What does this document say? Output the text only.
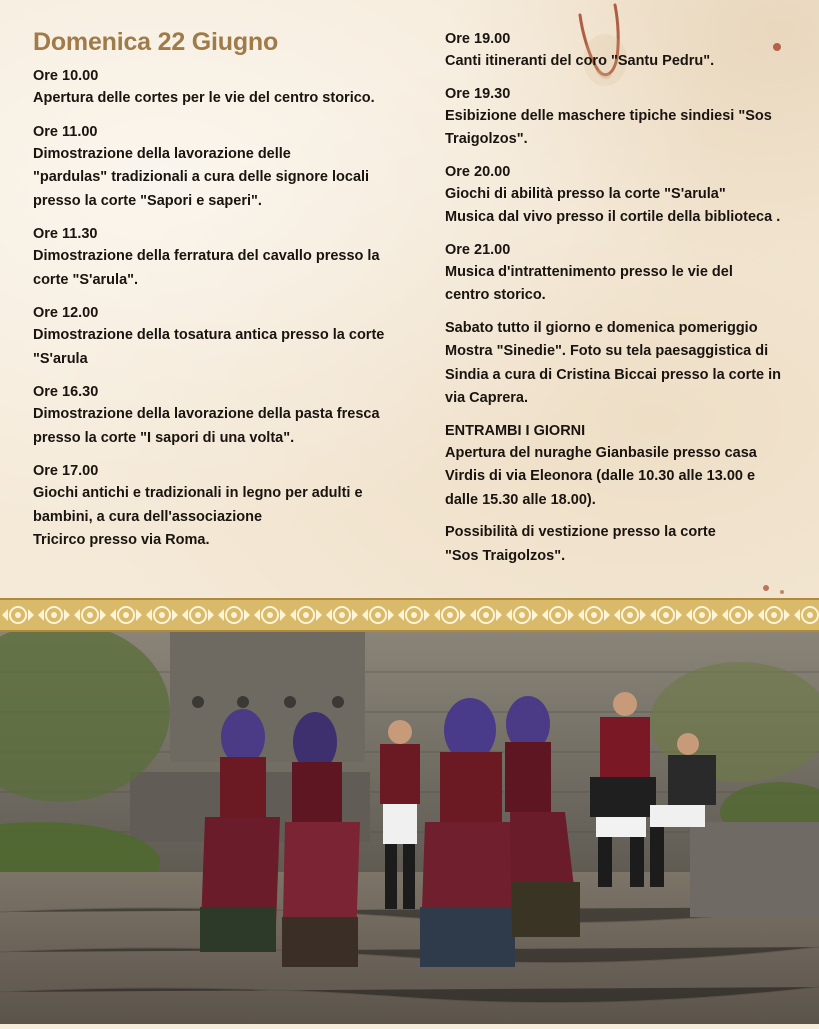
Domenica 22 Giugno
Ore 10.00
Apertura delle cortes per le vie del centro storico.
Ore 11.00
Dimostrazione della lavorazione delle
"pardulas" tradizionali a cura delle signore locali
presso la corte "Sapori e saperi".
Ore 11.30
Dimostrazione della ferratura del cavallo presso la
corte "S'arula".
Ore 12.00
Dimostrazione della tosatura antica presso la corte
"S'arula
Ore 16.30
Dimostrazione della lavorazione della pasta fresca
presso la corte "I sapori di una volta".
Ore 17.00
Giochi antichi e tradizionali in legno per adulti e
bambini, a cura dell'associazione
Tricirco presso via Roma.
Ore 19.00
Canti itineranti del coro "Santu Pedru".
Ore 19.30
Esibizione delle maschere tipiche sindiesi "Sos
Traigolzos".
Ore 20.00
Giochi di abilità presso la corte "S'arula"
Musica dal vivo presso il cortile della biblioteca .
Ore 21.00
Musica d'intrattenimento presso le vie del
centro storico.
Sabato tutto il giorno e domenica pomeriggio
Mostra "Sinedie". Foto su tela paesaggistica di
Sindia a cura di Cristina Biccai presso la corte in
via Caprera.
ENTRAMBI I GIORNI
Apertura del nuraghe Gianbasile presso casa
Virdis di via Eleonora (dalle 10.30 alle 13.00 e
dalle 15.30 alle 18.00).
Possibilità di vestizione presso la corte
"Sos Traigolzos".
